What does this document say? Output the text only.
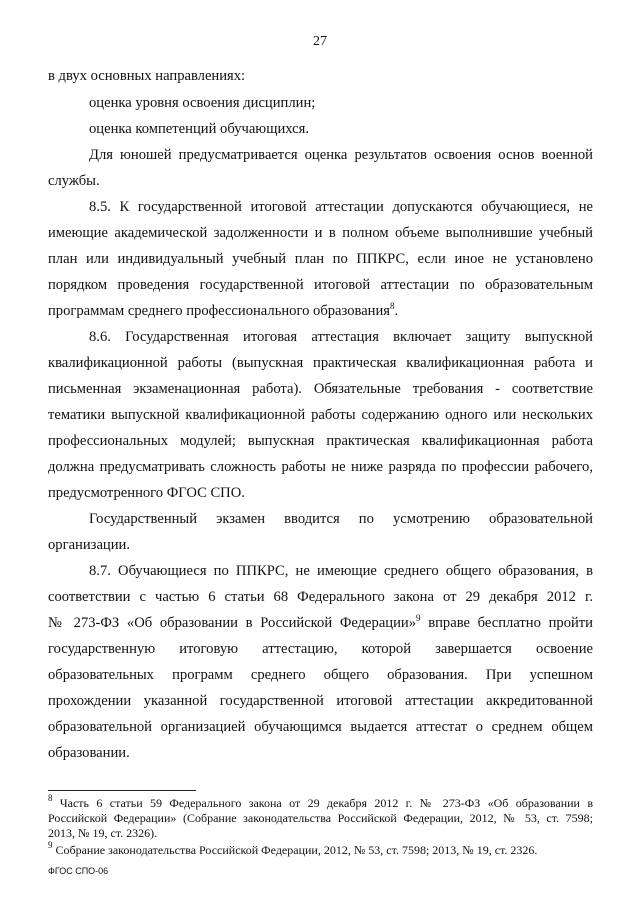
27
в двух основных направлениях:
оценка уровня освоения дисциплин;
оценка компетенций обучающихся.
Для юношей предусматривается оценка результатов освоения основ военной
службы.
8.5. К государственной итоговой аттестации допускаются обучающиеся, не
имеющие академической задолженности и в полном объеме выполнившие учебный
план или индивидуальный учебный план по ППКРС, если иное не установлено
порядком проведения государственной итоговой аттестации по образовательным
программам среднего профессионального образования$^8$.
8.6. Государственная итоговая аттестация включает защиту выпускной
квалификационной работы (выпускная практическая квалификационная работа и
письменная экзаменационная работа). Обязательные требования - соответствие
тематики выпускной квалификационной работы содержанию одного или нескольких
профессиональных модулей; выпускная практическая квалификационная работа
должна предусматривать сложность работы не ниже разряда по профессии рабочего,
предусмотренного ФГОС СПО.
Государственный экзамен вводится по усмотрению образовательной
организации.
8.7. Обучающиеся по ППКРС, не имеющие среднего общего образования, в
соответствии с частью 6 статьи 68 Федерального закона от 29 декабря 2012 г.
№ 273-ФЗ «Об образовании в Российской Федерации»$^9$ вправе бесплатно пройти
государственную итоговую аттестацию, которой завершается освоение
образовательных программ среднего общего образования. При успешном
прохождении указанной государственной итоговой аттестации аккредитованной
образовательной организацией обучающимся выдается аттестат о среднем общем
образовании.
$^8$ Часть 6 статьи 59 Федерального закона от 29 декабря 2012 г. № 273-ФЗ «Об образовании в
Российской Федерации» (Собрание законодательства Российской Федерации, 2012, № 53, ст. 7598;
2013, № 19, ст. 2326).
$^9$ Собрание законодательства Российской Федерации, 2012, № 53, ст. 7598; 2013, № 19, ст. 2326.
ФГОС СПО-06
